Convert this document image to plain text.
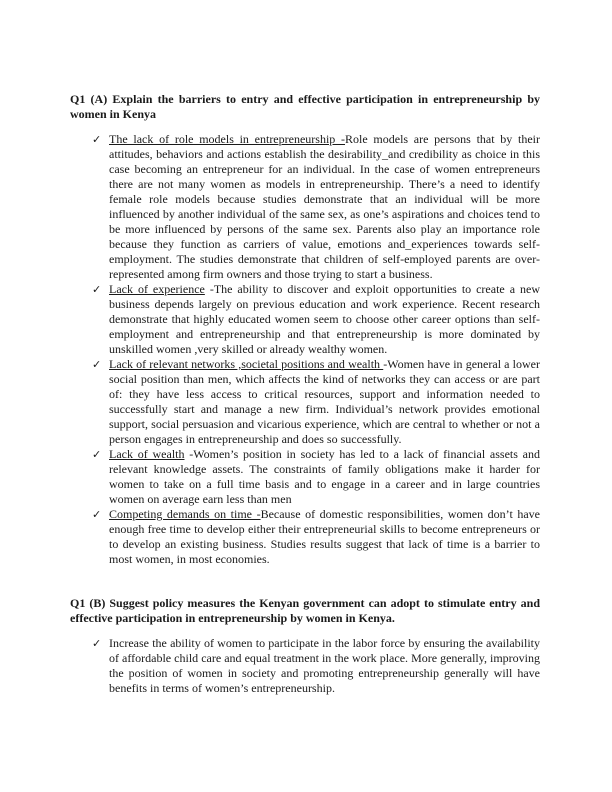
Q1 (A) Explain the barriers to entry and effective participation in entrepreneurship by women in Kenya

✓ The lack of role models in entrepreneurship -Role models are persons that by their attitudes, behaviors and actions establish the desirability_and credibility as choice in this case becoming an entrepreneur for an individual. In the case of women entrepreneurs there are not many women as models in entrepreneurship. There’s a need to identify female role models because studies demonstrate that an individual will be more influenced by another individual of the same sex, as one’s aspirations and choices tend to be more influenced by persons of the same sex. Parents also play an importance role because they function as carriers of value, emotions and_experiences towards self-employment. The studies demonstrate that children of self-employed parents are over-represented among firm owners and those trying to start a business.
✓ Lack of experience -The ability to discover and exploit opportunities to create a new business depends largely on previous education and work experience. Recent research demonstrate that highly educated women seem to choose other career options than self-employment and entrepreneurship and that entrepreneurship is more dominated by unskilled women ,very skilled or already wealthy women.
✓ Lack of relevant networks ,societal positions and wealth -Women have in general a lower social position than men, which affects the kind of networks they can access or are part of: they have less access to critical resources, support and information needed to successfully start and manage a new firm. Individual’s network provides emotional support, social persuasion and vicarious experience, which are central to whether or not a person engages in entrepreneurship and does so successfully.
✓ Lack of wealth -Women’s position in society has led to a lack of financial assets and relevant knowledge assets. The constraints of family obligations make it harder for women to take on a full time basis and to engage in a career and in large countries women on average earn less than men
✓ Competing demands on time -Because of domestic responsibilities, women don’t have enough free time to develop either their entrepreneurial skills to become entrepreneurs or to develop an existing business. Studies results suggest that lack of time is a barrier to most women, in most economies.

Q1 (B) Suggest policy measures the Kenyan government can adopt to stimulate entry and effective participation in entrepreneurship by women in Kenya.

✓ Increase the ability of women to participate in the labor force by ensuring the availability of affordable child care and equal treatment in the work place. More generally, improving the position of women in society and promoting entrepreneurship generally will have benefits in terms of women’s entrepreneurship.
